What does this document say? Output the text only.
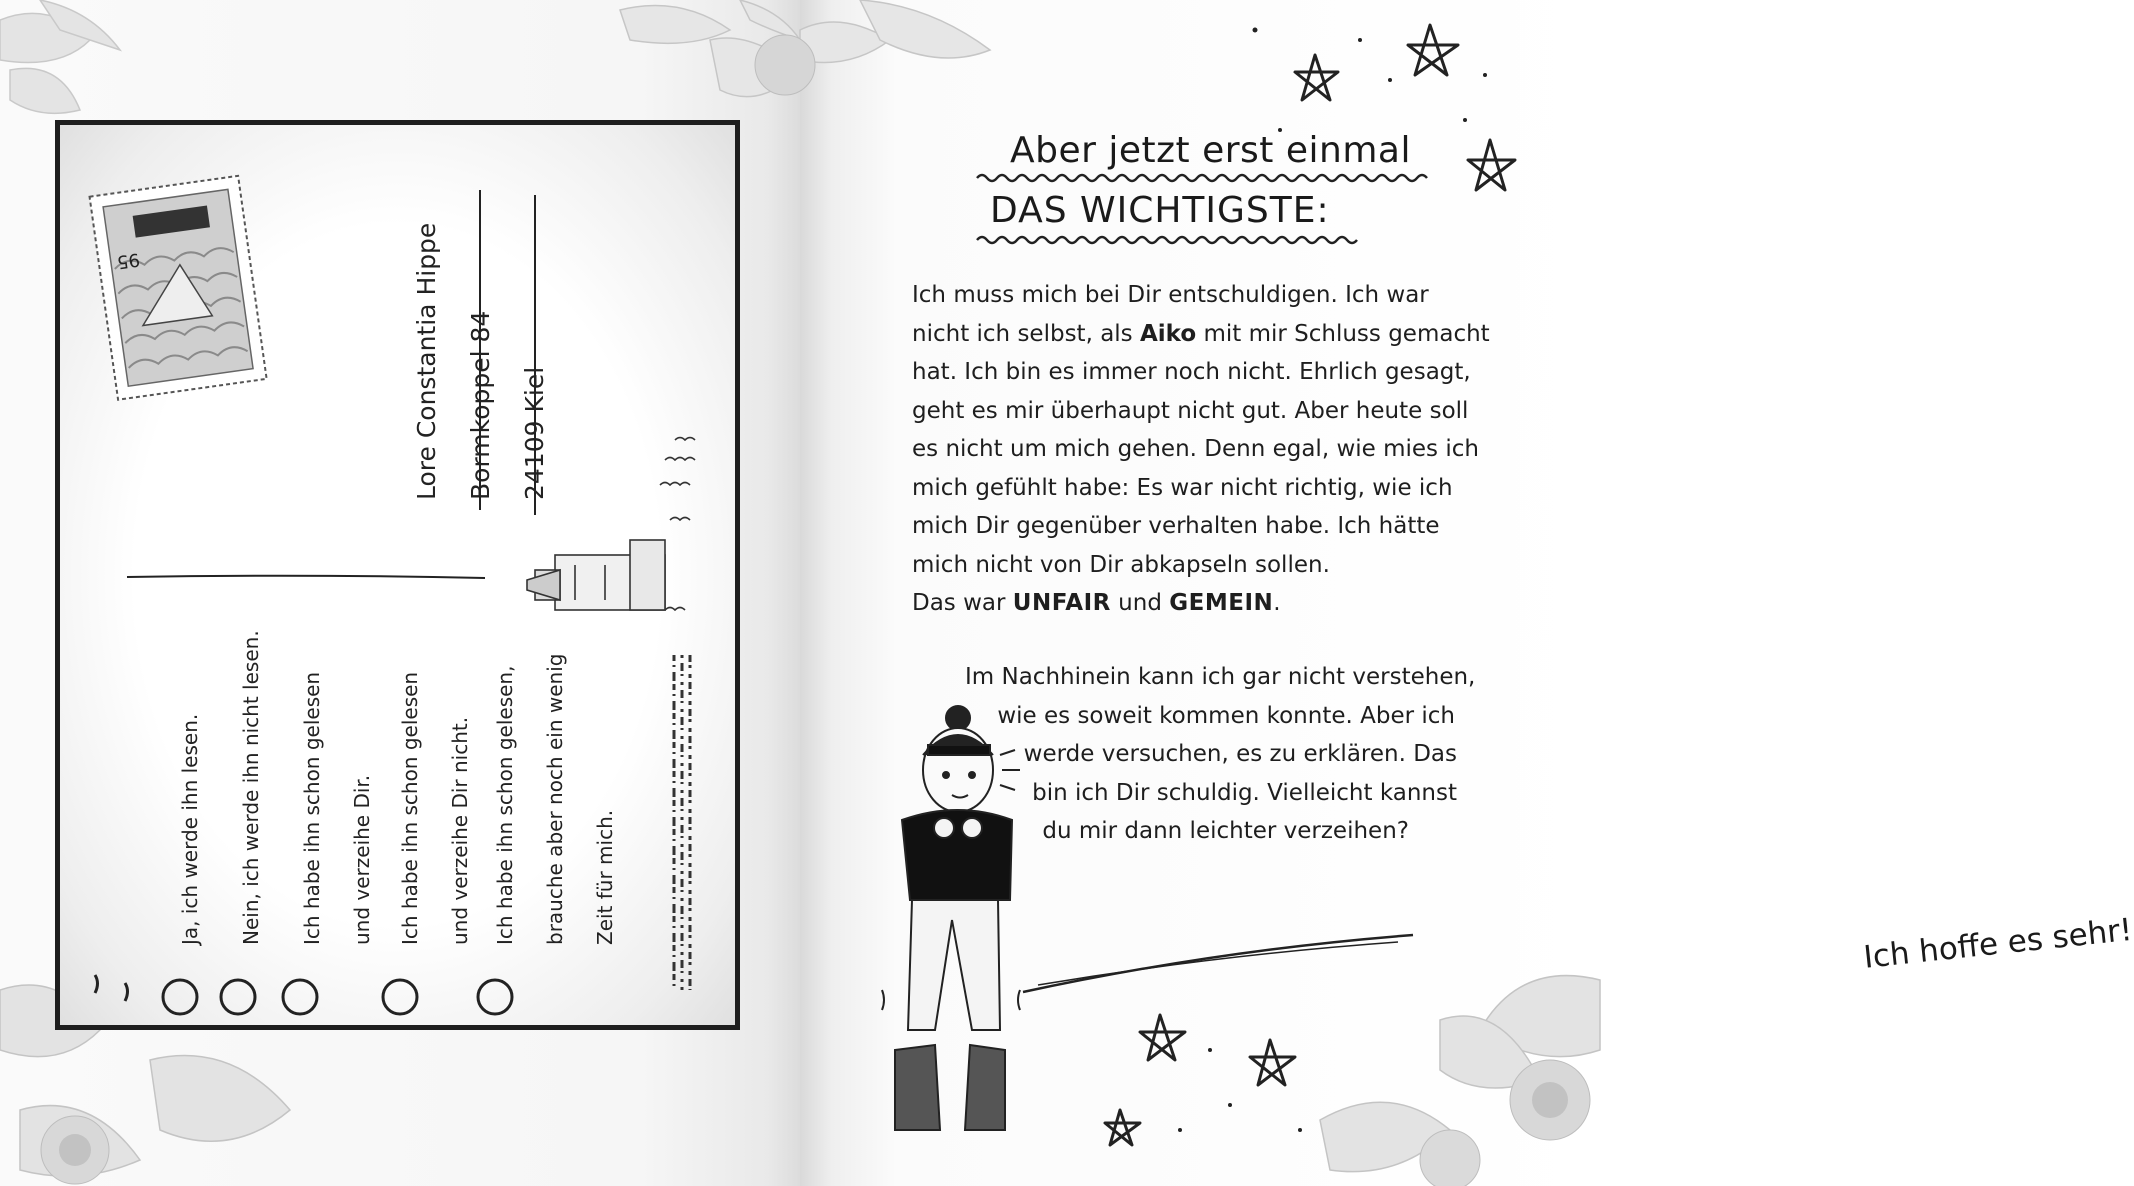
95	Lore Constantia Hippe Bormkoppel 84 24109 Kiel
Ja, ich werde ihn lesen.	Nein, ich werde ihn nicht lesen.	Ich habe ihn schon gelesen	und verzeihe Dir.	Ich habe ihn schon gelesen	und verzeihe Dir nicht.	Ich habe ihn schon gelesen,	brauche aber noch ein wenig	Zeit für mich.
Aber jetzt erst einmal
DAS WICHTIGSTE:
Ich muss mich bei Dir entschuldigen. Ich war
nicht ich selbst, als Aiko mit mir Schluss gemacht
hat. Ich bin es immer noch nicht. Ehrlich gesagt,
geht es mir überhaupt nicht gut. Aber heute soll
es nicht um mich gehen. Denn egal, wie mies ich
mich gefühlt habe: Es war nicht richtig, wie ich
mich Dir gegenüber verhalten habe. Ich hätte
mich nicht von Dir abkapseln sollen.
Das war UNFAIR und GEMEIN.
Im Nachhinein kann ich gar nicht verstehen,
wie es soweit kommen konnte. Aber ich
werde versuchen, es zu erklären. Das
bin ich Dir schuldig. Vielleicht kannst
du mir dann leichter verzeihen?
Ich hoffe es sehr!
